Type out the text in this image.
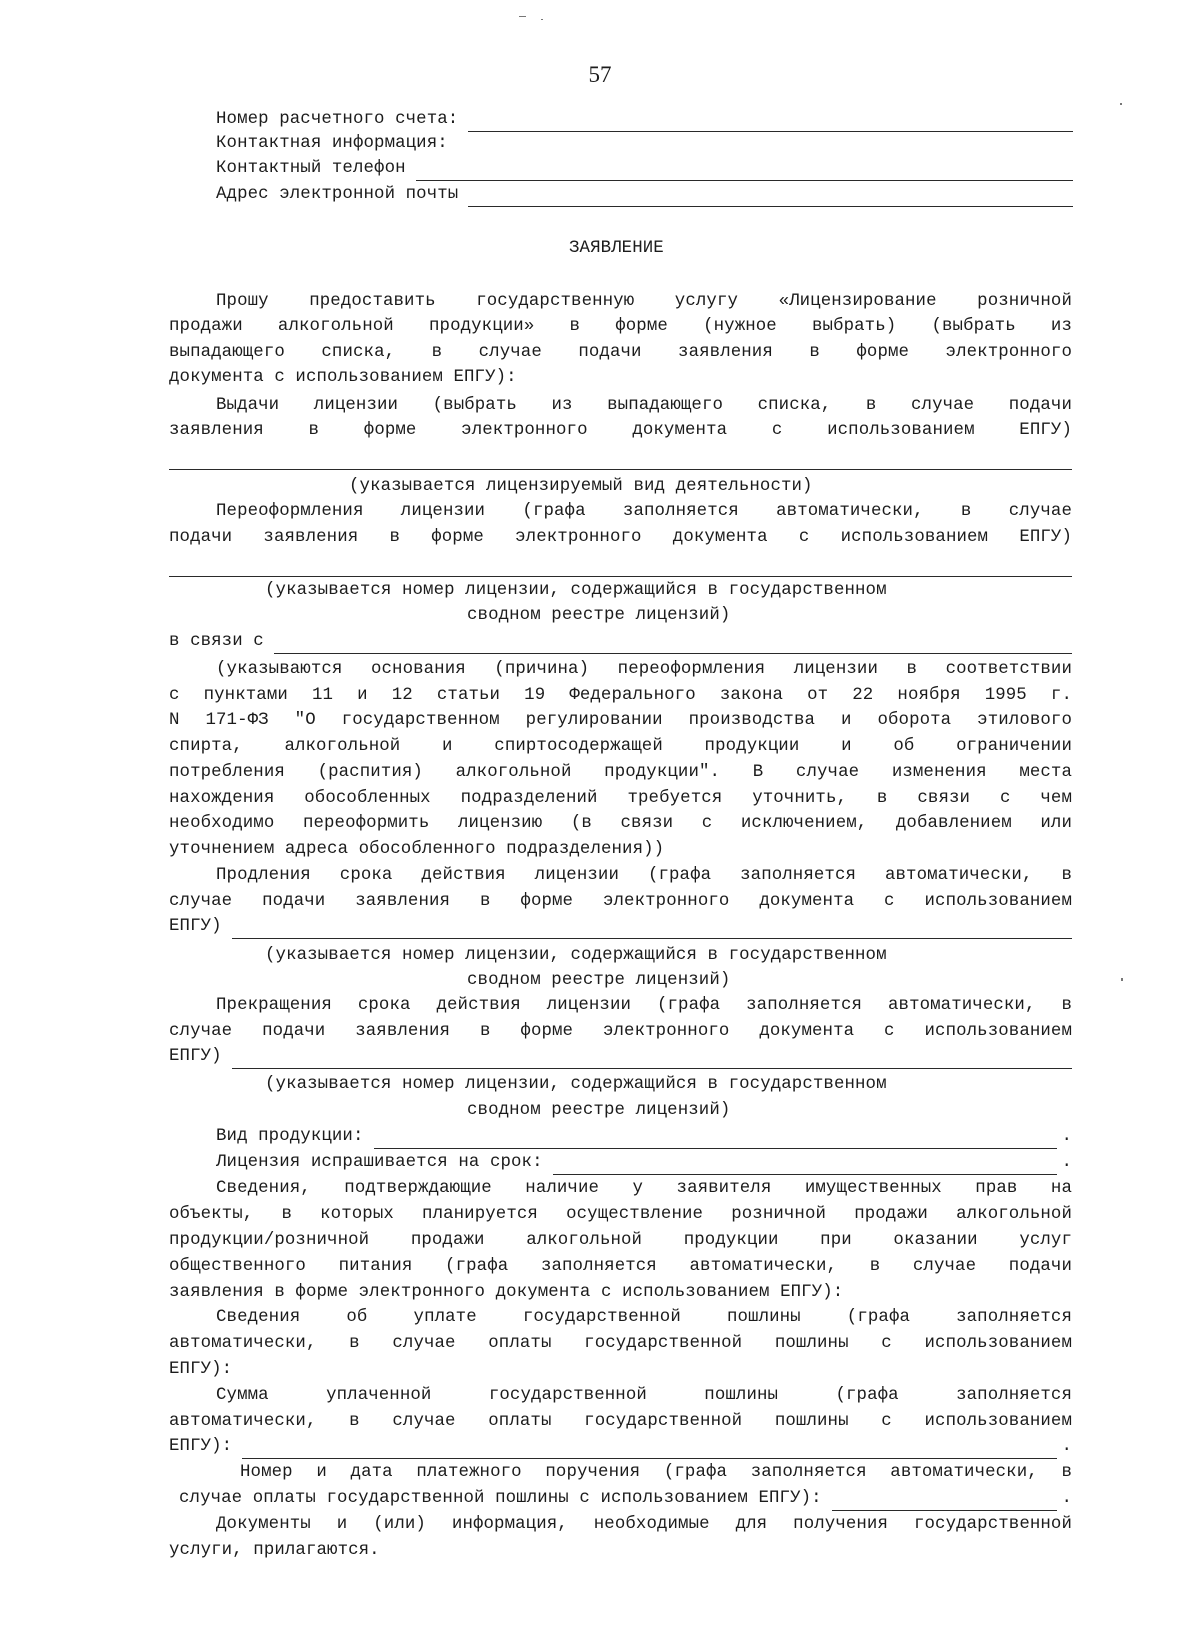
57
Номер расчетного счета:
Контактная информация:
Контактный телефон
Адрес электронной почты
ЗАЯВЛЕНИЕ
Прошу предоставить государственную услугу «Лицензирование розничной
продажи алкогольной продукции» в форме (нужное выбрать) (выбрать из
выпадающего списка, в случае подачи заявления в форме электронного
документа с использованием ЕПГУ):
Выдачи лицензии (выбрать из выпадающего списка, в случае подачи
заявления в форме электронного документа с использованием ЕПГУ)
(указывается лицензируемый вид деятельности)
Переоформления лицензии (графа заполняется автоматически, в случае
подачи заявления в форме электронного документа с использованием ЕПГУ)
(указывается номер лицензии, содержащийся в государственном
сводном реестре лицензий)
в связи с
(указываются основания (причина) переоформления лицензии в соответствии
с пунктами 11 и 12 статьи 19 Федерального закона от 22 ноября 1995 г.
N 171-ФЗ "О государственном регулировании производства и оборота этилового
спирта, алкогольной и спиртосодержащей продукции и об ограничении
потребления (распития) алкогольной продукции". В случае изменения места
нахождения обособленных подразделений требуется уточнить, в связи с чем
необходимо переоформить лицензию (в связи с исключением, добавлением или
уточнением адреса обособленного подразделения))
Продления срока действия лицензии (графа заполняется автоматически, в
случае подачи заявления в форме электронного документа с использованием
ЕПГУ)
(указывается номер лицензии, содержащийся в государственном
сводном реестре лицензий)
Прекращения срока действия лицензии (графа заполняется автоматически, в
случае подачи заявления в форме электронного документа с использованием
ЕПГУ)
(указывается номер лицензии, содержащийся в государственном
сводном реестре лицензий)
Вид продукции:	.
Лицензия испрашивается на срок:	.
Сведения, подтверждающие наличие у заявителя имущественных прав на
объекты, в которых планируется осуществление розничной продажи алкогольной
продукции/розничной продажи алкогольной продукции при оказании услуг
общественного питания (графа заполняется автоматически, в случае подачи
заявления в форме электронного документа с использованием ЕПГУ):
Сведения об уплате государственной пошлины (графа заполняется
автоматически, в случае оплаты государственной пошлины с использованием
ЕПГУ):
Сумма уплаченной государственной пошлины (графа заполняется
автоматически, в случае оплаты государственной пошлины с использованием
ЕПГУ):	.
Номер и дата платежного поручения (графа заполняется автоматически, в
случае оплаты государственной пошлины с использованием ЕПГУ):	.
Документы и (или) информация, необходимые для получения государственной
услуги, прилагаются.
